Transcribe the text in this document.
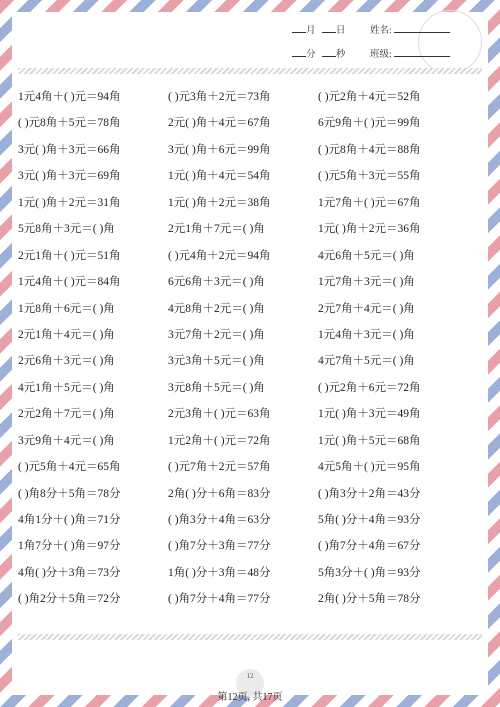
月 日	姓名:
分 秒	班级:
1元4角＋( )元＝94角	( )元3角＋2元＝73角	( )元2角＋4元＝52角
( )元8角＋5元＝78角	2元( )角＋4元＝67角	6元9角＋( )元＝99角
3元( )角＋3元＝66角	3元( )角＋6元＝99角	( )元8角＋4元＝88角
3元( )角＋3元＝69角	1元( )角＋4元＝54角	( )元5角＋3元＝55角
1元( )角＋2元＝31角	1元( )角＋2元＝38角	1元7角＋( )元＝67角
5元8角＋3元＝( )角	2元1角＋7元＝( )角	1元( )角＋2元＝36角
2元1角＋( )元＝51角	( )元4角＋2元＝94角	4元6角＋5元＝( )角
1元4角＋( )元＝84角	6元6角＋3元＝( )角	1元7角＋3元＝( )角
1元8角＋6元＝( )角	4元8角＋2元＝( )角	2元7角＋4元＝( )角
2元1角＋4元＝( )角	3元7角＋2元＝( )角	1元4角＋3元＝( )角
2元6角＋3元＝( )角	3元3角＋5元＝( )角	4元7角＋5元＝( )角
4元1角＋5元＝( )角	3元8角＋5元＝( )角	( )元2角＋6元＝72角
2元2角＋7元＝( )角	2元3角＋( )元＝63角	1元( )角＋3元＝49角
3元9角＋4元＝( )角	1元2角＋( )元＝72角	1元( )角＋5元＝68角
( )元5角＋4元＝65角	( )元7角＋2元＝57角	4元5角＋( )元＝95角
( )角8分＋5角＝78分	2角( )分＋6角＝83分	( )角3分＋2角＝43分
4角1分＋( )角＝71分	( )角3分＋4角＝63分	5角( )分＋4角＝93分
1角7分＋( )角＝97分	( )角7分＋3角＝77分	( )角7分＋4角＝67分
4角( )分＋3角＝73分	1角( )分＋3角＝48分	5角3分＋( )角＝93分
( )角2分＋5角＝72分	( )角7分＋4角＝77分	2角( )分＋5角＝78分
12
第12页, 共17页
